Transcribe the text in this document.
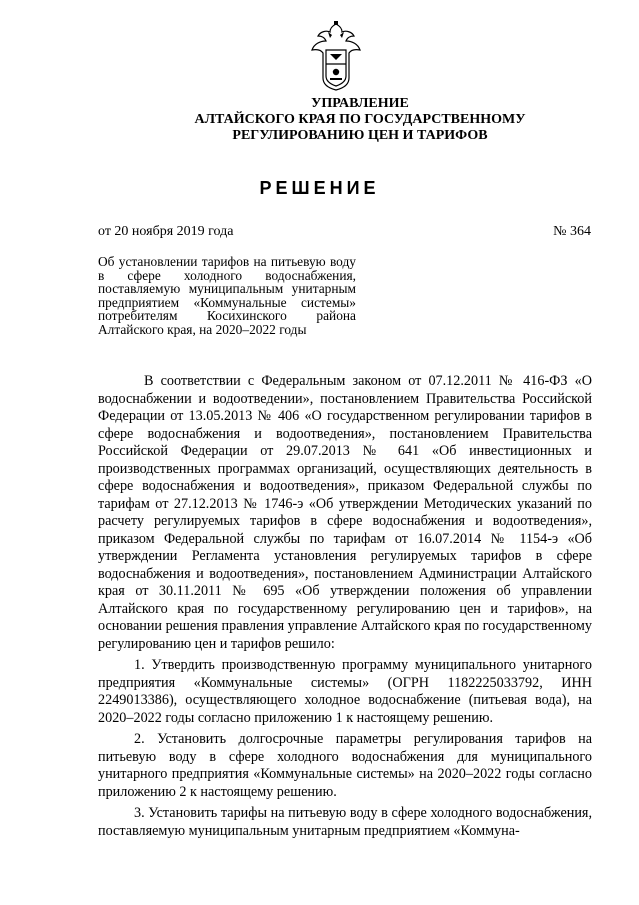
УПРАВЛЕНИЕ
АЛТАЙСКОГО КРАЯ ПО ГОСУДАРСТВЕННОМУ
РЕГУЛИРОВАНИЮ ЦЕН И ТАРИФОВ
РЕШЕНИЕ
от 20 ноября 2019 года	№ 364
Об установлении тарифов на питьевую воду в сфере холодного водоснабжения, поставляемую муниципальным унитарным предприятием «Коммунальные системы» потребителям Косихинского района Алтайского края, на 2020–2022 годы

В соответствии с Федеральным законом от 07.12.2011 № 416-ФЗ «О водоснабжении и водоотведении», постановлением Правительства Российской Федерации от 13.05.2013 № 406 «О государственном регулировании тарифов в сфере водоснабжения и водоотведения», постановлением Правительства Российской Федерации от 29.07.2013 № 641 «Об инвестиционных и производственных программах организаций, осуществляющих деятельность в сфере водоснабжения и водоотведения», приказом Федеральной службы по тарифам от 27.12.2013 № 1746-э «Об утверждении Методических указаний по расчету регулируемых тарифов в сфере водоснабжения и водоотведения», приказом Федеральной службы по тарифам от 16.07.2014 № 1154-э «Об утверждении Регламента установления регулируемых тарифов в сфере водоснабжения и водоотведения», постановлением Администрации Алтайского края от 30.11.2011 № 695 «Об утверждении положения об управлении Алтайского края по государственному регулированию цен и тарифов», на основании решения правления управление Алтайского края по государственному регулированию цен и тарифов решило:

1. Утвердить производственную программу муниципального унитарного предприятия «Коммунальные системы» (ОГРН 1182225033792, ИНН 2249013386), осуществляющего холодное водоснабжение (питьевая вода), на 2020–2022 годы согласно приложению 1 к настоящему решению.

2. Установить долгосрочные параметры регулирования тарифов на питьевую воду в сфере холодного водоснабжения для муниципального унитарного предприятия «Коммунальные системы» на 2020–2022 годы согласно приложению 2 к настоящему решению.

3. Установить тарифы на питьевую воду в сфере холодного водоснабжения, поставляемую муниципальным унитарным предприятием «Коммуна-
